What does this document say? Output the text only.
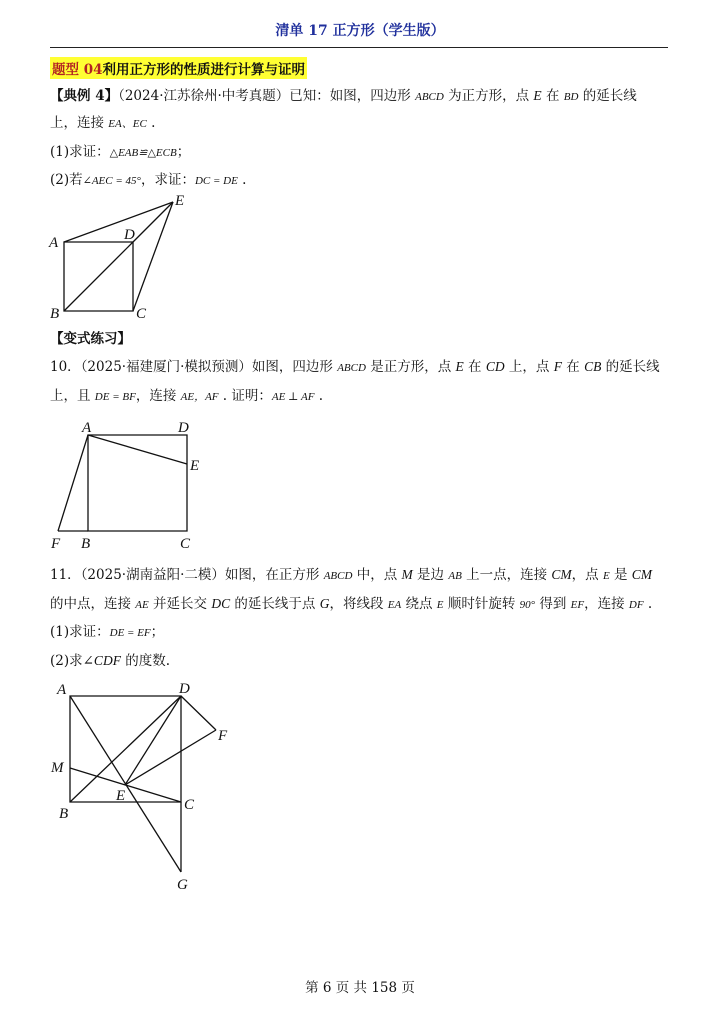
清单 17 正方形（学生版）
题型 04利用正方形的性质进行计算与证明
【典例 4】（2024·江苏徐州·中考真题）已知：如图，四边形 ABCD 为正方形，点 E 在 BD 的延长线
上，连接 EA、EC .
(1)求证：△EAB≌△ECB；
(2)若∠AEC = 45°，求证：DC = DE .
A	D
E
B	C
【变式练习】
10．（2025·福建厦门·模拟预测）如图，四边形 ABCD 是正方形，点 E 在 CD 上，点 F 在 CB 的延长线
上，且 DE = BF，连接 AE，AF . 证明：AE ⊥ AF .
A	D
E
F B	C
11．（2025·湖南益阳·二模）如图，在正方形 ABCD 中，点 M 是边 AB 上一点，连接 CM，点 E 是 CM
的中点，连接 AE 并延长交 DC 的延长线于点 G，将线段 EA 绕点 E 顺时针旋转 90° 得到 EF，连接 DF .
(1)求证：DE = EF；
(2)求∠CDF 的度数.
A	D
F
M
E
B
C
G
第 6 页 共 158 页
